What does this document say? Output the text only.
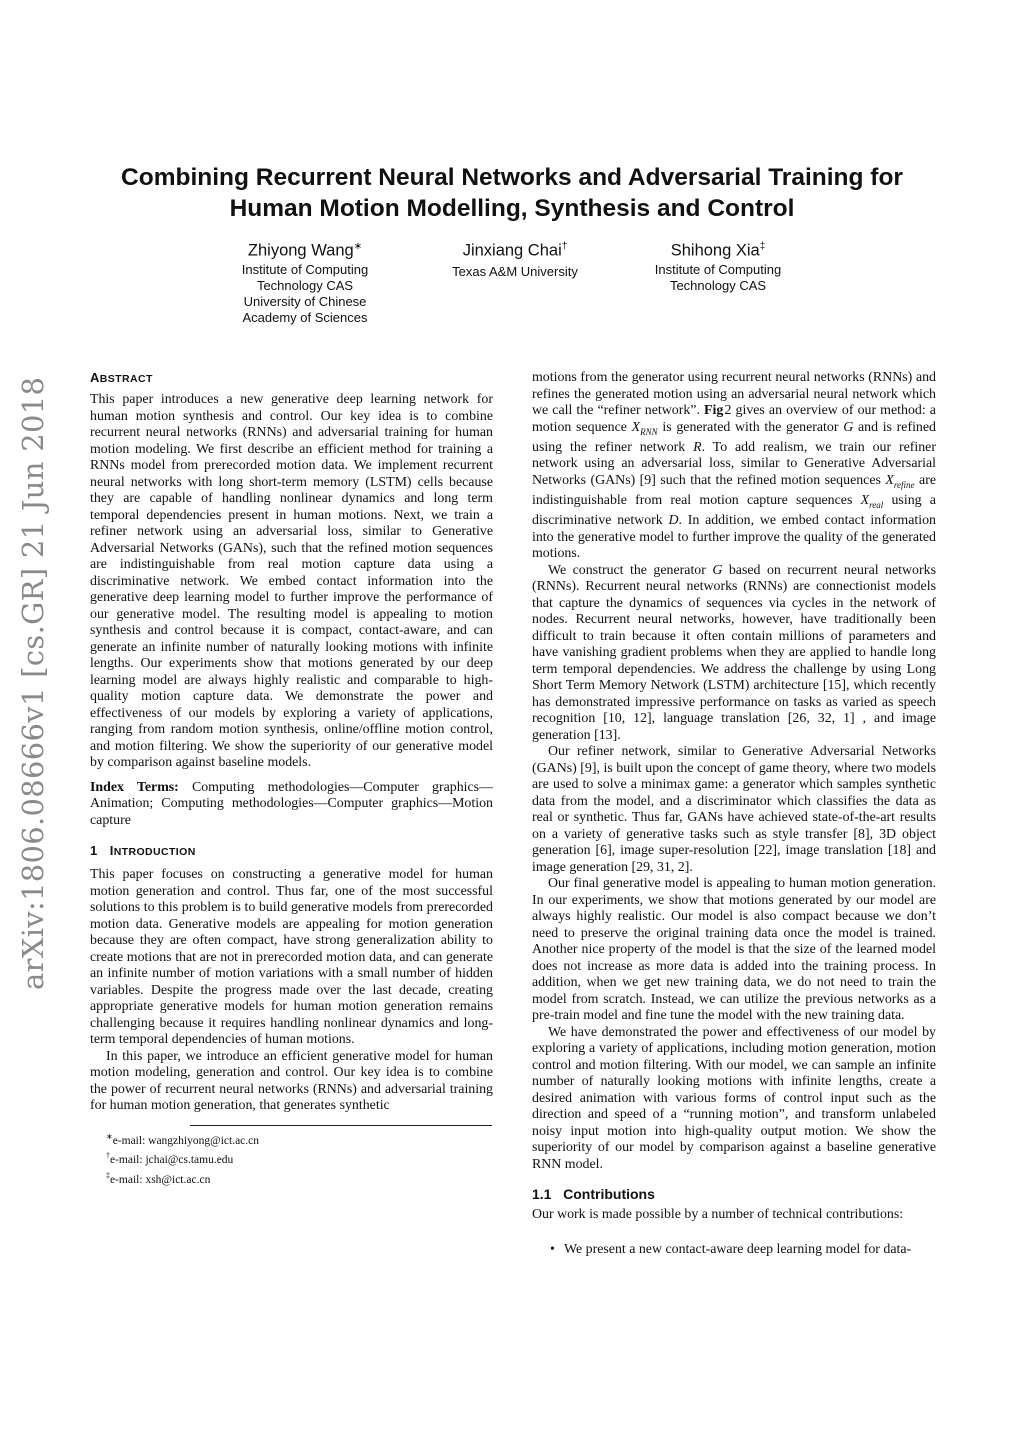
arXiv:1806.08666v1 [cs.GR] 21 Jun 2018
Combining Recurrent Neural Networks and Adversarial Training for
Human Motion Modelling, Synthesis and Control
Zhiyong Wang∗
Institute of Computing
Technology CAS
University of Chinese
Academy of Sciences
Jinxiang Chai†
Texas A&M University
Shihong Xia‡
Institute of Computing
Technology CAS
ABSTRACT

This paper introduces a new generative deep learning network for human motion synthesis and control. Our key idea is to combine recurrent neural networks (RNNs) and adversarial training for human motion modeling. We first describe an efficient method for training a RNNs model from prerecorded motion data. We implement recurrent neural networks with long short-term memory (LSTM) cells because they are capable of handling nonlinear dynamics and long term temporal dependencies present in human motions. Next, we train a refiner network using an adversarial loss, similar to Generative Adversarial Networks (GANs), such that the refined motion sequences are indistinguishable from real motion capture data using a discriminative network. We embed contact information into the generative deep learning model to further improve the performance of our generative model. The resulting model is appealing to motion synthesis and control because it is compact, contact-aware, and can generate an infinite number of naturally looking motions with infinite lengths. Our experiments show that motions generated by our deep learning model are always highly realistic and comparable to high-quality motion capture data. We demonstrate the power and effectiveness of our models by exploring a variety of applications, ranging from random motion synthesis, online/offline motion control, and motion filtering. We show the superiority of our generative model by comparison against baseline models.

Index Terms: Computing methodologies—Computer graphics—Animation; Computing methodologies—Computer graphics—Motion capture

1 INTRODUCTION

This paper focuses on constructing a generative model for human motion generation and control. Thus far, one of the most successful solutions to this problem is to build generative models from prerecorded motion data. Generative models are appealing for motion generation because they are often compact, have strong generalization ability to create motions that are not in prerecorded motion data, and can generate an infinite number of motion variations with a small number of hidden variables. Despite the progress made over the last decade, creating appropriate generative models for human motion generation remains challenging because it requires handling nonlinear dynamics and long-term temporal dependencies of human motions.

In this paper, we introduce an efficient generative model for human motion modeling, generation and control. Our key idea is to combine the power of recurrent neural networks (RNNs) and adversarial training for human motion generation, that generates synthetic

∗e-mail: wangzhiyong@ict.ac.cn
†e-mail: jchai@cs.tamu.edu
‡e-mail: xsh@ict.ac.cn

motions from the generator using recurrent neural networks (RNNs) and refines the generated motion using an adversarial neural network which we call the “refiner network”. Fig 2 gives an overview of our method: a motion sequence $X_{RNN}$ is generated with the generator G and is refined using the refiner network R. To add realism, we train our refiner network using an adversarial loss, similar to Generative Adversarial Networks (GANs) [9] such that the refined motion sequences $X_{refine}$ are indistinguishable from real motion capture sequences $X_{real}$ using a discriminative network D. In addition, we embed contact information into the generative model to further improve the quality of the generated motions.

We construct the generator G based on recurrent neural networks (RNNs). Recurrent neural networks (RNNs) are connectionist models that capture the dynamics of sequences via cycles in the network of nodes. Recurrent neural networks, however, have traditionally been difficult to train because it often contain millions of parameters and have vanishing gradient problems when they are applied to handle long term temporal dependencies. We address the challenge by using Long Short Term Memory Network (LSTM) architecture [15], which recently has demonstrated impressive performance on tasks as varied as speech recognition [10, 12], language translation [26, 32, 1] , and image generation [13].

Our refiner network, similar to Generative Adversarial Networks (GANs) [9], is built upon the concept of game theory, where two models are used to solve a minimax game: a generator which samples synthetic data from the model, and a discriminator which classifies the data as real or synthetic. Thus far, GANs have achieved state-of-the-art results on a variety of generative tasks such as style transfer [8], 3D object generation [6], image super-resolution [22], image translation [18] and image generation [29, 31, 2].

Our final generative model is appealing to human motion generation. In our experiments, we show that motions generated by our model are always highly realistic. Our model is also compact because we don’t need to preserve the original training data once the model is trained. Another nice property of the model is that the size of the learned model does not increase as more data is added into the training process. In addition, when we get new training data, we do not need to train the model from scratch. Instead, we can utilize the previous networks as a pre-train model and fine tune the model with the new training data.

We have demonstrated the power and effectiveness of our model by exploring a variety of applications, including motion generation, motion control and motion filtering. With our model, we can sample an infinite number of naturally looking motions with infinite lengths, create a desired animation with various forms of control input such as the direction and speed of a “running motion”, and transform unlabeled noisy input motion into high-quality output motion. We show the superiority of our model by comparison against a baseline generative RNN model.

1.1 Contributions

Our work is made possible by a number of technical contributions:

• We present a new contact-aware deep learning model for data-
